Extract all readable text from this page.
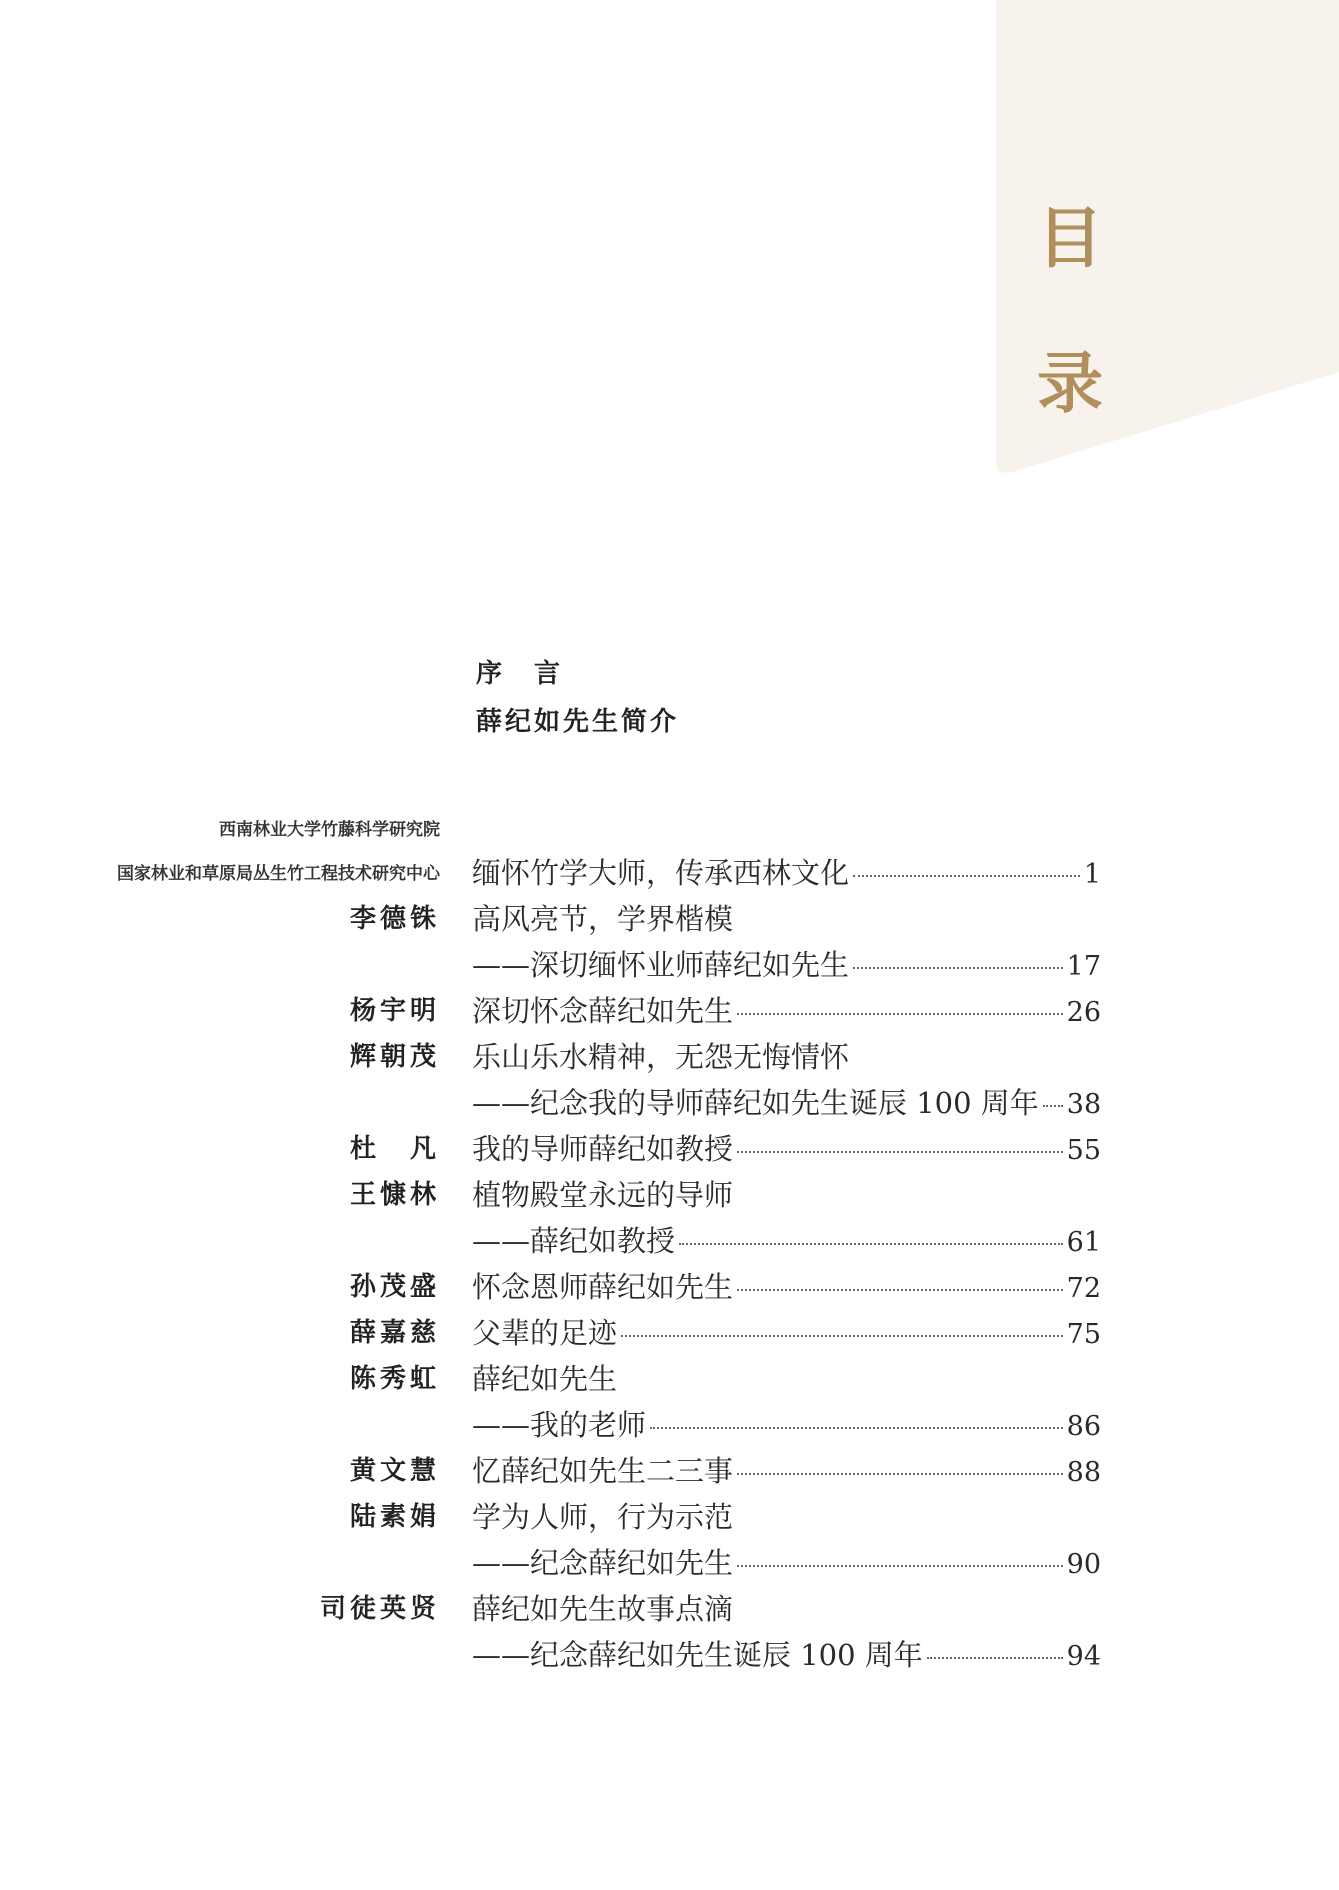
目
录
序　言
薛纪如先生简介
西南林业大学竹藤科学研究院
国家林业和草原局丛生竹工程技术研究中心 缅怀竹学大师，传承西林文化	1
李德铢 高风亮节，学界楷模
——深切缅怀业师薛纪如先生	17
杨宇明 深切怀念薛纪如先生	26
辉朝茂 乐山乐水精神，无怨无悔情怀
——纪念我的导师薛纪如先生诞辰 100 周年 38
杜　凡 我的导师薛纪如教授	55
王慷林 植物殿堂永远的导师
——薛纪如教授	61
孙茂盛 怀念恩师薛纪如先生	72
薛嘉慈 父辈的足迹	75
陈秀虹 薛纪如先生
——我的老师	86
黄文慧 忆薛纪如先生二三事	88
陆素娟 学为人师，行为示范
——纪念薛纪如先生	90
司徒英贤 薛纪如先生故事点滴
——纪念薛纪如先生诞辰 100 周年	94
